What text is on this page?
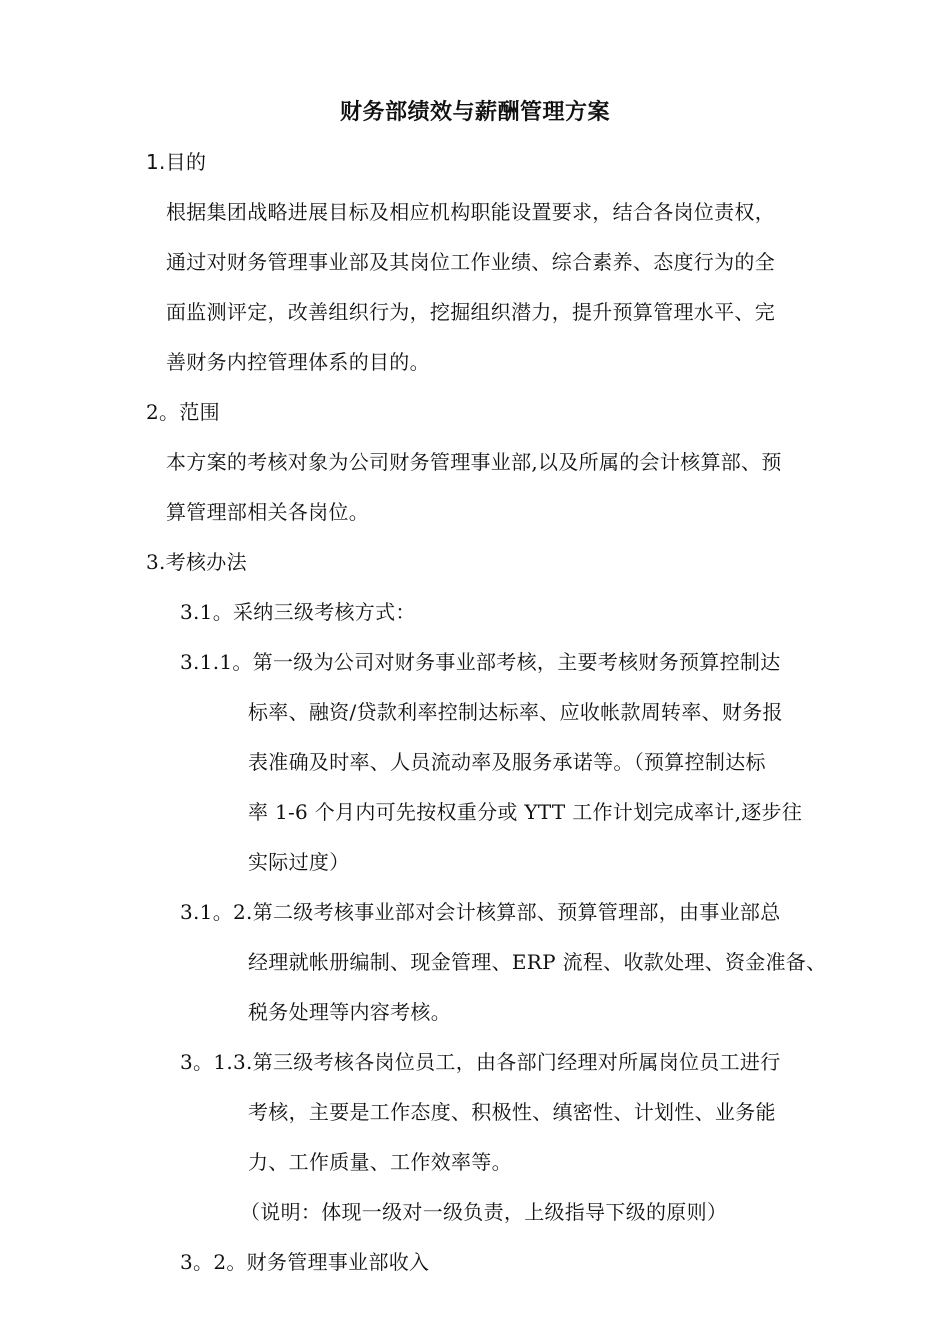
财务部绩效与薪酬管理方案
1.目的
根据集团战略进展目标及相应机构职能设置要求，结合各岗位责权，
通过对财务管理事业部及其岗位工作业绩、综合素养、态度行为的全
面监测评定，改善组织行为，挖掘组织潜力，提升预算管理水平、完
善财务内控管理体系的目的。
2。范围
本方案的考核对象为公司财务管理事业部,以及所属的会计核算部、预
算管理部相关各岗位。
3.考核办法
3.1。采纳三级考核方式：
3.1.1。第一级为公司对财务事业部考核，主要考核财务预算控制达
标率、融资/贷款利率控制达标率、应收帐款周转率、财务报
表准确及时率、人员流动率及服务承诺等。（预算控制达标
率 1-6 个月内可先按权重分或 YTT 工作计划完成率计,逐步往
实际过度）
3.1。2.第二级考核事业部对会计核算部、预算管理部，由事业部总
经理就帐册编制、现金管理、ERP 流程、收款处理、资金准备、
税务处理等内容考核。
3。1.3.第三级考核各岗位员工，由各部门经理对所属岗位员工进行
考核，主要是工作态度、积极性、缜密性、计划性、业务能
力、工作质量、工作效率等。
（说明：体现一级对一级负责，上级指导下级的原则）
3。2。财务管理事业部收入
